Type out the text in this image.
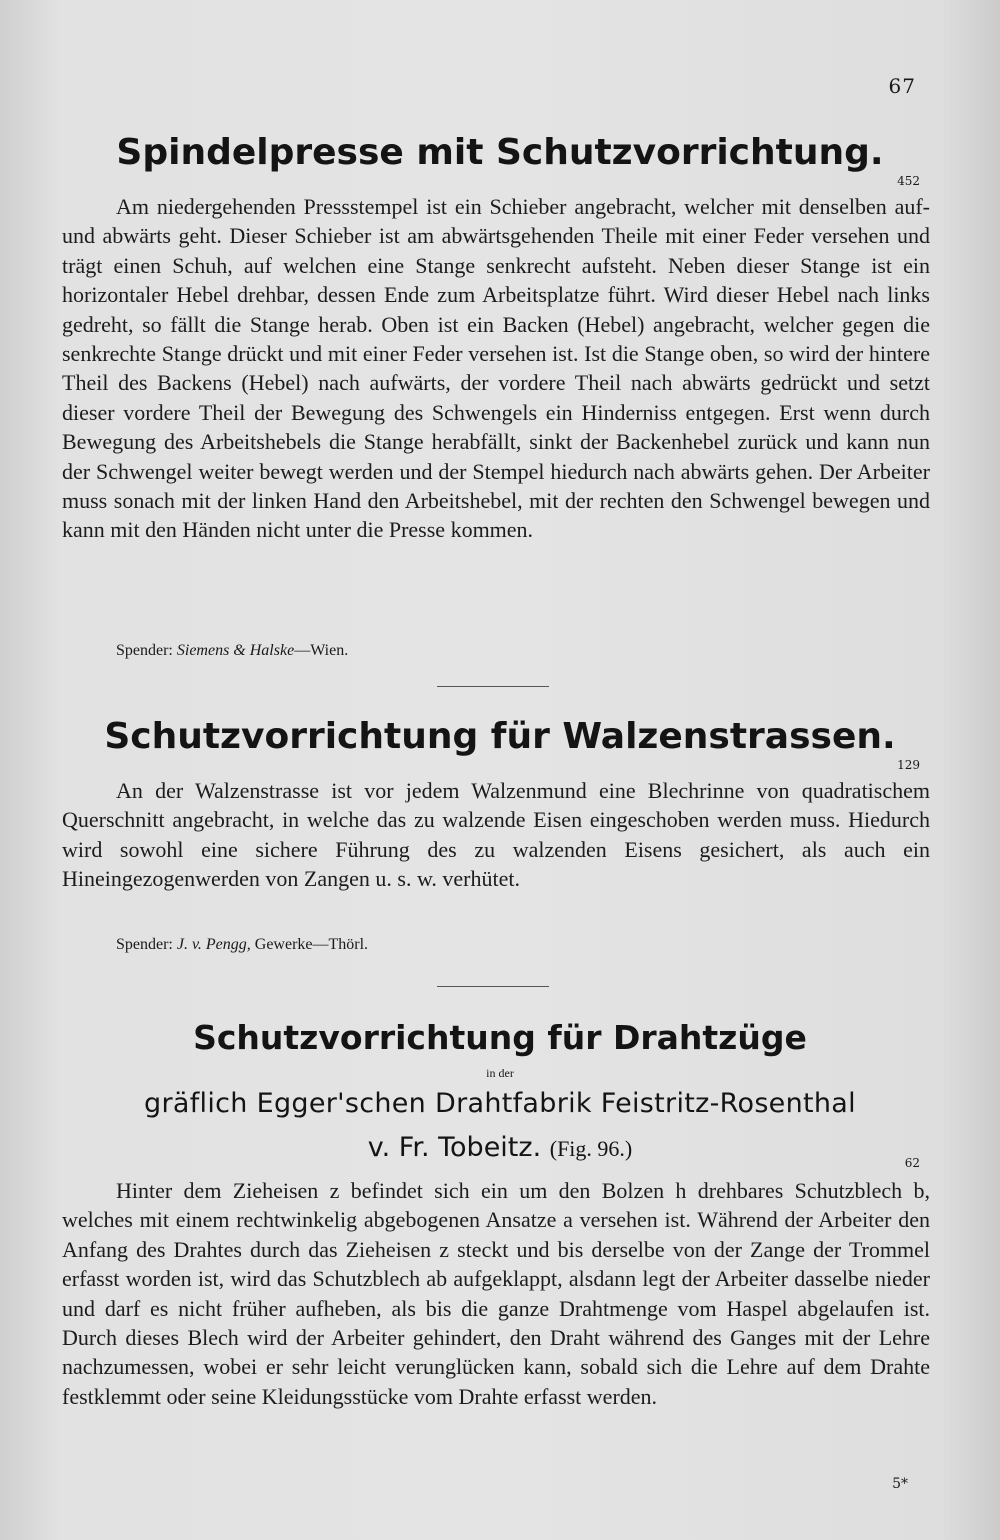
67
Spindelpresse mit Schutzvorrichtung.
452

Am niedergehenden Pressstempel ist ein Schieber angebracht, welcher mit denselben auf- und abwärts geht. Dieser Schieber ist am abwärtsgehenden Theile mit einer Feder versehen und trägt einen Schuh, auf welchen eine Stange senkrecht aufsteht. Neben dieser Stange ist ein horizontaler Hebel drehbar, dessen Ende zum Arbeitsplatze führt. Wird dieser Hebel nach links gedreht, so fällt die Stange herab. Oben ist ein Backen (Hebel) angebracht, welcher gegen die senkrechte Stange drückt und mit einer Feder versehen ist. Ist die Stange oben, so wird der hintere Theil des Backens (Hebel) nach aufwärts, der vordere Theil nach abwärts gedrückt und setzt dieser vordere Theil der Bewegung des Schwengels ein Hinderniss entgegen. Erst wenn durch Bewegung des Arbeitshebels die Stange herabfällt, sinkt der Backenhebel zurück und kann nun der Schwengel weiter bewegt werden und der Stempel hiedurch nach abwärts gehen. Der Arbeiter muss sonach mit der linken Hand den Arbeitshebel, mit der rechten den Schwengel bewegen und kann mit den Händen nicht unter die Presse kommen.

Spender: Siemens & Halske—Wien.
Schutzvorrichtung für Walzenstrassen.
129

An der Walzenstrasse ist vor jedem Walzenmund eine Blechrinne von quadratischem Querschnitt angebracht, in welche das zu walzende Eisen eingeschoben werden muss. Hiedurch wird sowohl eine sichere Führung des zu walzenden Eisens gesichert, als auch ein Hineingezogenwerden von Zangen u. s. w. verhütet.

Spender: J. v. Pengg, Gewerke—Thörl.
Schutzvorrichtung für Drahtzüge
in der
gräflich Egger'schen Drahtfabrik Feistritz-Rosenthal
v. Fr. Tobeitz. (Fig. 96.)
62

Hinter dem Zieheisen z befindet sich ein um den Bolzen h drehbares Schutzblech b, welches mit einem rechtwinkelig abgebogenen Ansatze a versehen ist. Während der Arbeiter den Anfang des Drahtes durch das Zieheisen z steckt und bis derselbe von der Zange der Trommel erfasst worden ist, wird das Schutzblech ab aufgeklappt, alsdann legt der Arbeiter dasselbe nieder und darf es nicht früher aufheben, als bis die ganze Drahtmenge vom Haspel abgelaufen ist. Durch dieses Blech wird der Arbeiter gehindert, den Draht während des Ganges mit der Lehre nachzumessen, wobei er sehr leicht verunglücken kann, sobald sich die Lehre auf dem Drahte festklemmt oder seine Kleidungsstücke vom Drahte erfasst werden.

5*
